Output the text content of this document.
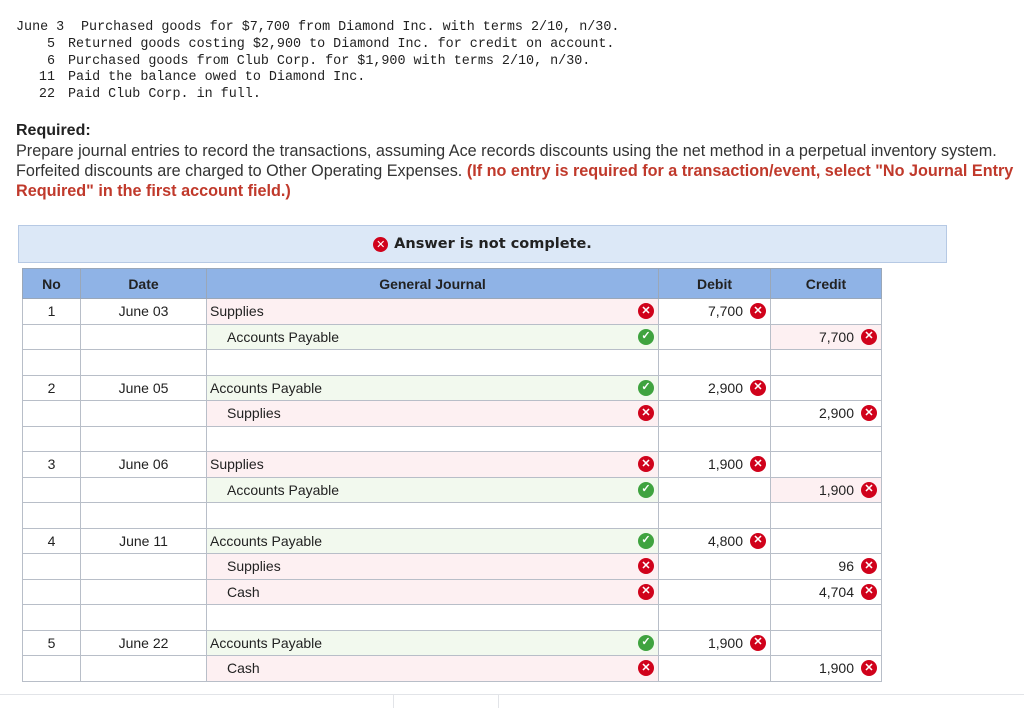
June 3	Purchased goods for $7,700 from Diamond Inc. with terms 2/10, n/30.
5 Returned goods costing $2,900 to Diamond Inc. for credit on account.
6 Purchased goods from Club Corp. for $1,900 with terms 2/10, n/30.
11 Paid the balance owed to Diamond Inc.
22 Paid Club Corp. in full.
Required:
Prepare journal entries to record the transactions, assuming Ace records discounts using the net method in a perpetual inventory system. Forfeited discounts are charged to Other Operating Expenses. (If no entry is required for a transaction/event, select "No Journal Entry Required" in the first account field.)
✕ Answer is not complete.
No	Date	General Journal	Debit	Credit
1	June 03	Supplies ✕	7,700 ✕	

		Accounts Payable ✓		7,700 ✕

2	June 05	Accounts Payable ✓	2,900 ✕	

		Supplies ✕		2,900 ✕

3	June 06	Supplies ✕	1,900 ✕	

		Accounts Payable ✓		1,900 ✕

4	June 11	Accounts Payable ✓	4,800 ✕	

		Supplies ✕		96 ✕

		Cash ✕		4,704 ✕

5	June 22	Accounts Payable ✓	1,900 ✕	

		Cash ✕		1,900 ✕
